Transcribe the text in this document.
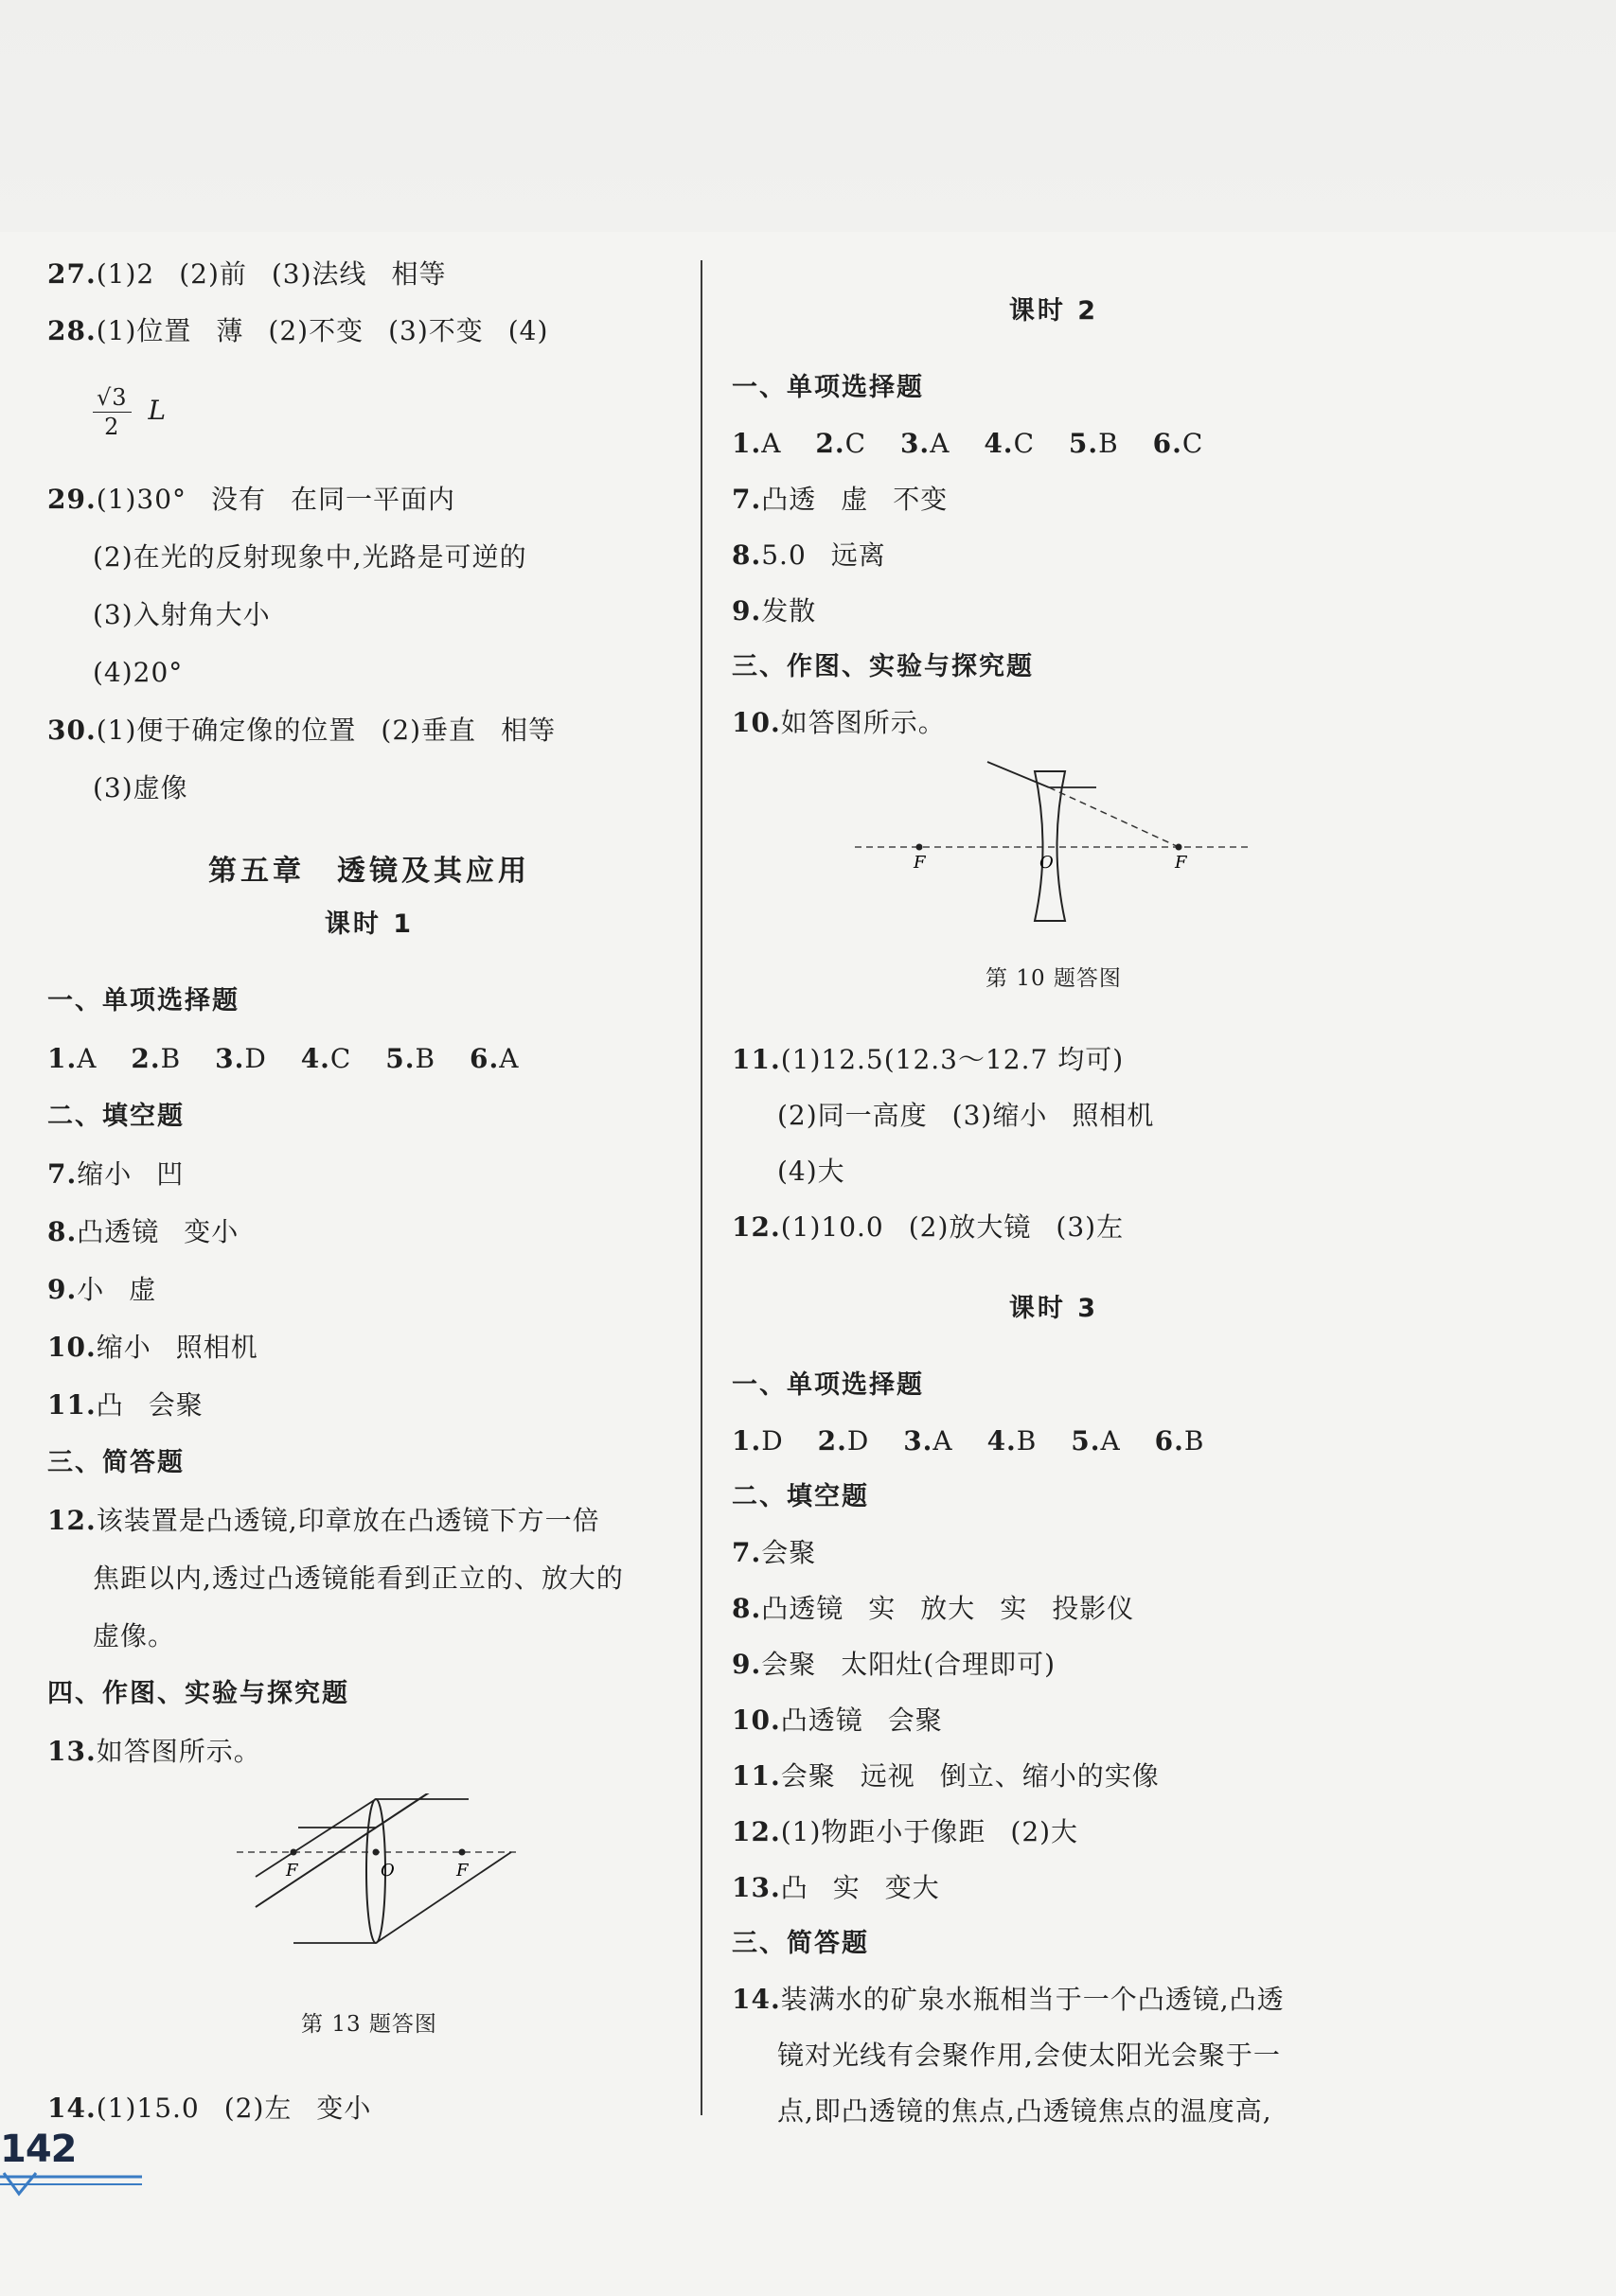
27.(1)2 (2)前 (3)法线 相等
28.(1)位置 薄 (2)不变 (3)不变 (4)
$\frac{√3}{2}$ L
29.(1)30° 没有 在同一平面内
(2)在光的反射现象中,光路是可逆的
(3)入射角大小
(4)20°
30.(1)便于确定像的位置 (2)垂直 相等
(3)虚像
第五章　透镜及其应用
课时 1
一、单项选择题
1.A 2.B 3.D 4.C 5.B 6.A
二、填空题
7.缩小 凹
8.凸透镜 变小
9.小 虚
10.缩小 照相机
11.凸 会聚
三、简答题
12.该装置是凸透镜,印章放在凸透镜下方一倍
焦距以内,透过凸透镜能看到正立的、放大的
虚像。
四、作图、实验与探究题
13.如答图所示。
F	O	F
第 13 题答图
14.(1)15.0 (2)左 变小
课时 2
一、单项选择题
1.A 2.C 3.A 4.C 5.B 6.C
7.凸透 虚 不变
8.5.0 远离
9.发散
三、作图、实验与探究题
10.如答图所示。
F	O	F
第 10 题答图
11.(1)12.5(12.3～12.7 均可)
(2)同一高度 (3)缩小 照相机
(4)大
12.(1)10.0 (2)放大镜 (3)左
课时 3
一、单项选择题
1.D 2.D 3.A 4.B 5.A 6.B
二、填空题
7.会聚
8.凸透镜 实 放大 实 投影仪
9.会聚 太阳灶(合理即可)
10.凸透镜 会聚
11.会聚 远视 倒立、缩小的实像
12.(1)物距小于像距 (2)大
13.凸 实 变大
三、简答题
14.装满水的矿泉水瓶相当于一个凸透镜,凸透
镜对光线有会聚作用,会使太阳光会聚于一
点,即凸透镜的焦点,凸透镜焦点的温度高,
142
